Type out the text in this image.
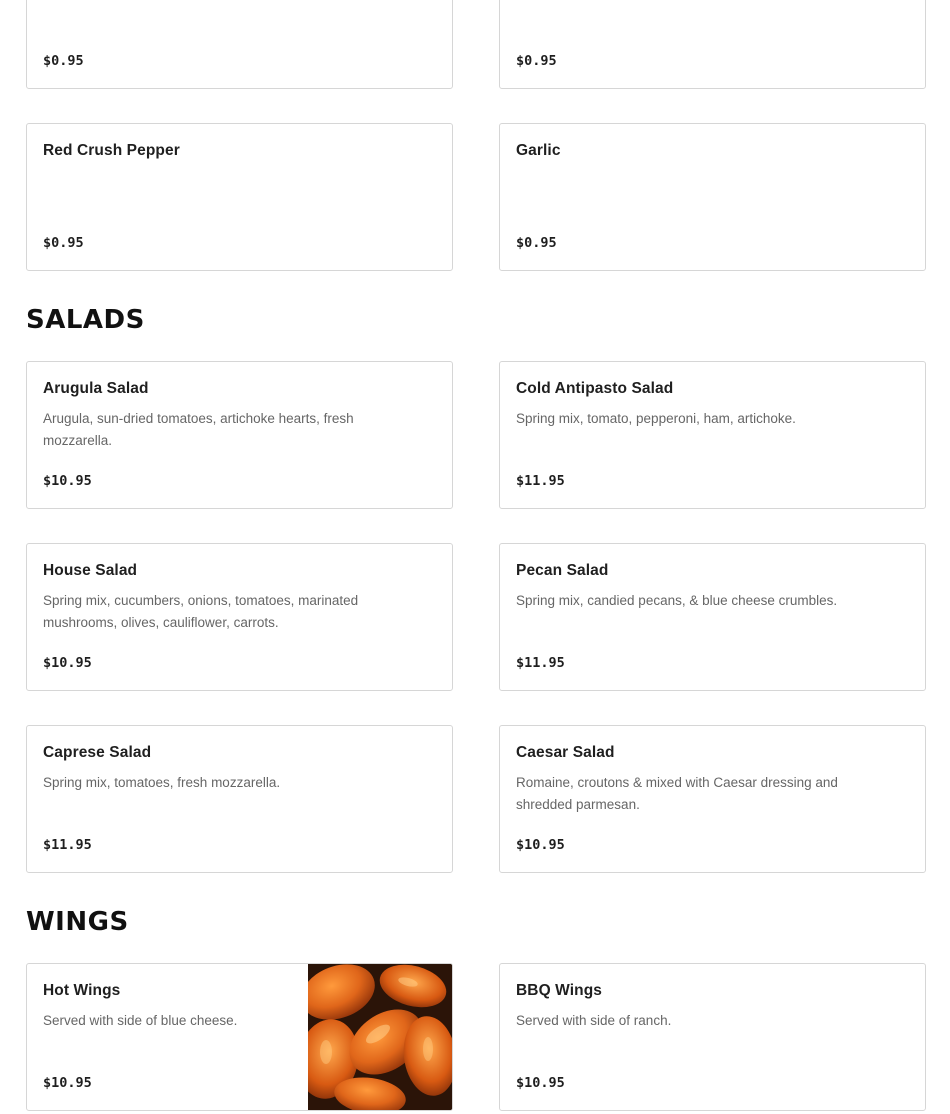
$0.95	$0.95
Red Crush Pepper
$0.95
Garlic
$0.95
SALADS
Arugula Salad
Arugula, sun-dried tomatoes, artichoke hearts, fresh mozzarella.
$10.95
Cold Antipasto Salad
Spring mix, tomato, pepperoni, ham, artichoke.
$11.95
House Salad
Spring mix, cucumbers, onions, tomatoes, marinated mushrooms, olives, cauliflower, carrots.
$10.95
Pecan Salad
Spring mix, candied pecans, & blue cheese crumbles.
$11.95
Caprese Salad
Spring mix, tomatoes, fresh mozzarella.
$11.95
Caesar Salad
Romaine, croutons & mixed with Caesar dressing and shredded parmesan.
$10.95
WINGS
Hot Wings
Served with side of blue cheese.
$10.95
BBQ Wings
Served with side of ranch.
$10.95
